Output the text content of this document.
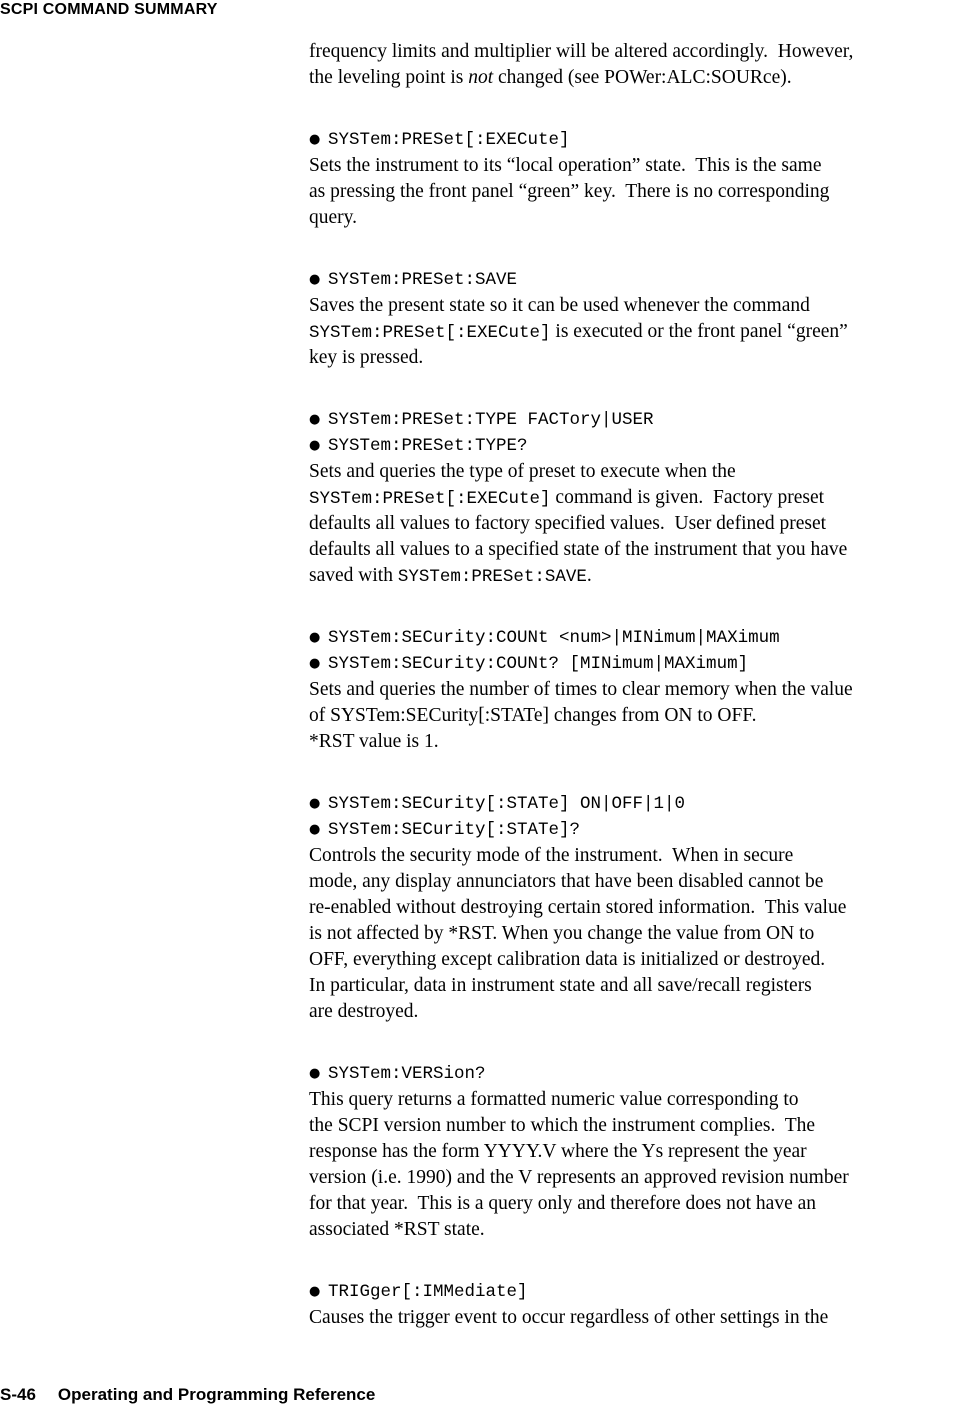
SCPI COMMAND SUMMARY
frequency limits and multiplier will be altered accordingly.  However,
the leveling point is not changed (see POWer:ALC:SOURce).
● SYSTem:PRESet[:EXECute]
Sets the instrument to its “local operation” state.  This is the same
as pressing the front panel “green” key.  There is no corresponding
query.
● SYSTem:PRESet:SAVE
Saves the present state so it can be used whenever the command
SYSTem:PRESet[:EXECute] is executed or the front panel “green”
key is pressed.
● SYSTem:PRESet:TYPE FACTory|USER
● SYSTem:PRESet:TYPE?
Sets and queries the type of preset to execute when the
SYSTem:PRESet[:EXECute] command is given.  Factory preset
defaults all values to factory specified values.  User defined preset
defaults all values to a specified state of the instrument that you have
saved with SYSTem:PRESet:SAVE.
● SYSTem:SECurity:COUNt <num>|MINimum|MAXimum
● SYSTem:SECurity:COUNt? [MINimum|MAXimum]
Sets and queries the number of times to clear memory when the value
of SYSTem:SECurity[:STATe] changes from ON to OFF.
*RST value is 1.
● SYSTem:SECurity[:STATe] ON|OFF|1|0
● SYSTem:SECurity[:STATe]?
Controls the security mode of the instrument.  When in secure
mode, any display annunciators that have been disabled cannot be
re-enabled without destroying certain stored information.  This value
is not affected by *RST. When you change the value from ON to
OFF, everything except calibration data is initialized or destroyed.
In particular, data in instrument state and all save/recall registers
are destroyed.
● SYSTem:VERSion?
This query returns a formatted numeric value corresponding to
the SCPI version number to which the instrument complies.  The
response has the form YYYY.V where the Ys represent the year
version (i.e. 1990) and the V represents an approved revision number
for that year.  This is a query only and therefore does not have an
associated *RST state.
● TRIGger[:IMMediate]
Causes the trigger event to occur regardless of other settings in the
S-46 Operating and Programming Reference
